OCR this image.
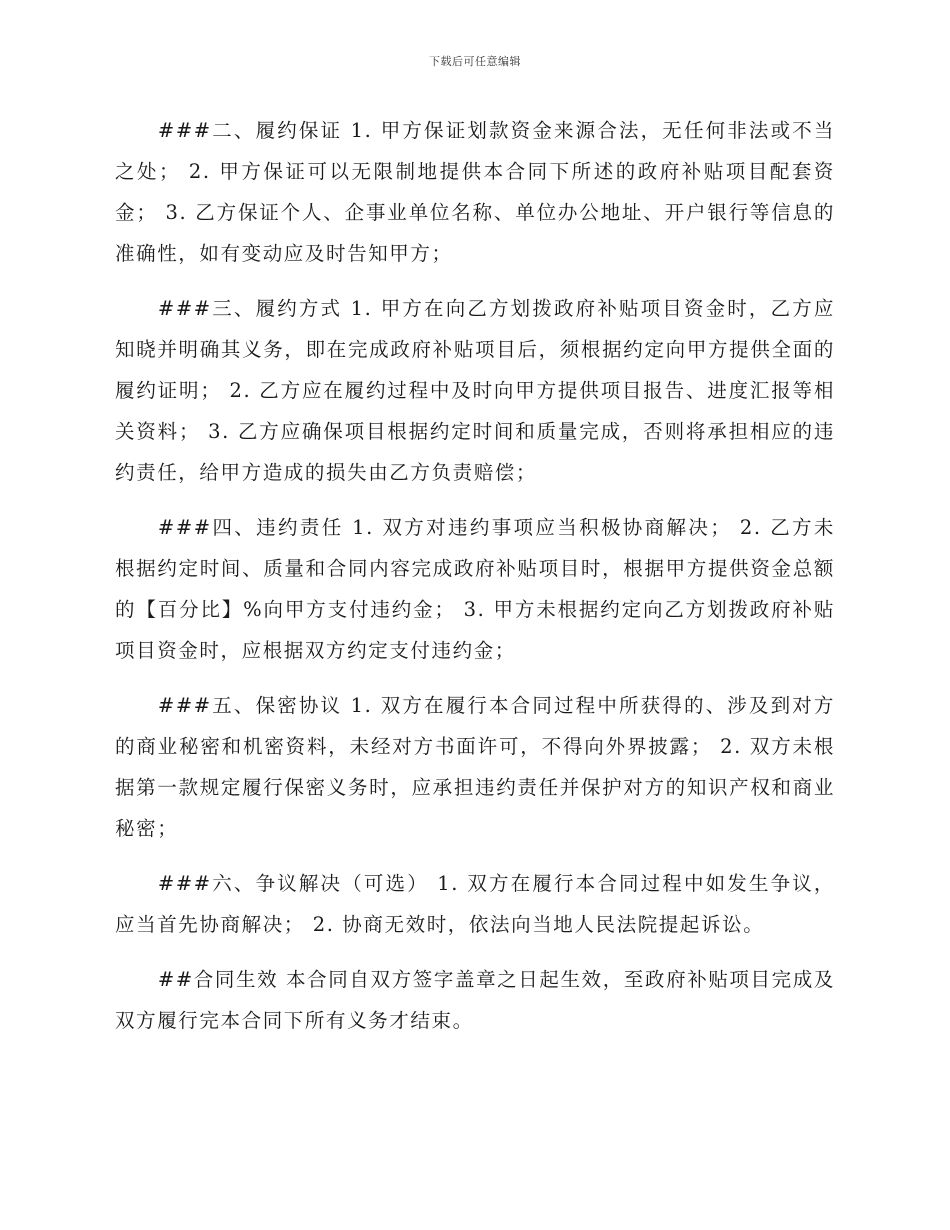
下载后可任意编辑

###二、履约保证 1. 甲方保证划款资金来源合法，无任何非法或不当之处； 2. 甲方保证可以无限制地提供本合同下所述的政府补贴项目配套资金； 3. 乙方保证个人、企事业单位名称、单位办公地址、开户银行等信息的准确性，如有变动应及时告知甲方；

###三、履约方式 1. 甲方在向乙方划拨政府补贴项目资金时，乙方应知晓并明确其义务，即在完成政府补贴项目后，须根据约定向甲方提供全面的履约证明； 2. 乙方应在履约过程中及时向甲方提供项目报告、进度汇报等相关资料； 3. 乙方应确保项目根据约定时间和质量完成，否则将承担相应的违约责任，给甲方造成的损失由乙方负责赔偿；

###四、违约责任 1. 双方对违约事项应当积极协商解决； 2. 乙方未根据约定时间、质量和合同内容完成政府补贴项目时，根据甲方提供资金总额的【百分比】%向甲方支付违约金； 3. 甲方未根据约定向乙方划拨政府补贴项目资金时，应根据双方约定支付违约金；

###五、保密协议 1. 双方在履行本合同过程中所获得的、涉及到对方的商业秘密和机密资料，未经对方书面许可，不得向外界披露； 2. 双方未根据第一款规定履行保密义务时，应承担违约责任并保护对方的知识产权和商业秘密；

###六、争议解决（可选） 1. 双方在履行本合同过程中如发生争议，应当首先协商解决； 2. 协商无效时，依法向当地人民法院提起诉讼。

##合同生效 本合同自双方签字盖章之日起生效，至政府补贴项目完成及双方履行完本合同下所有义务才结束。
